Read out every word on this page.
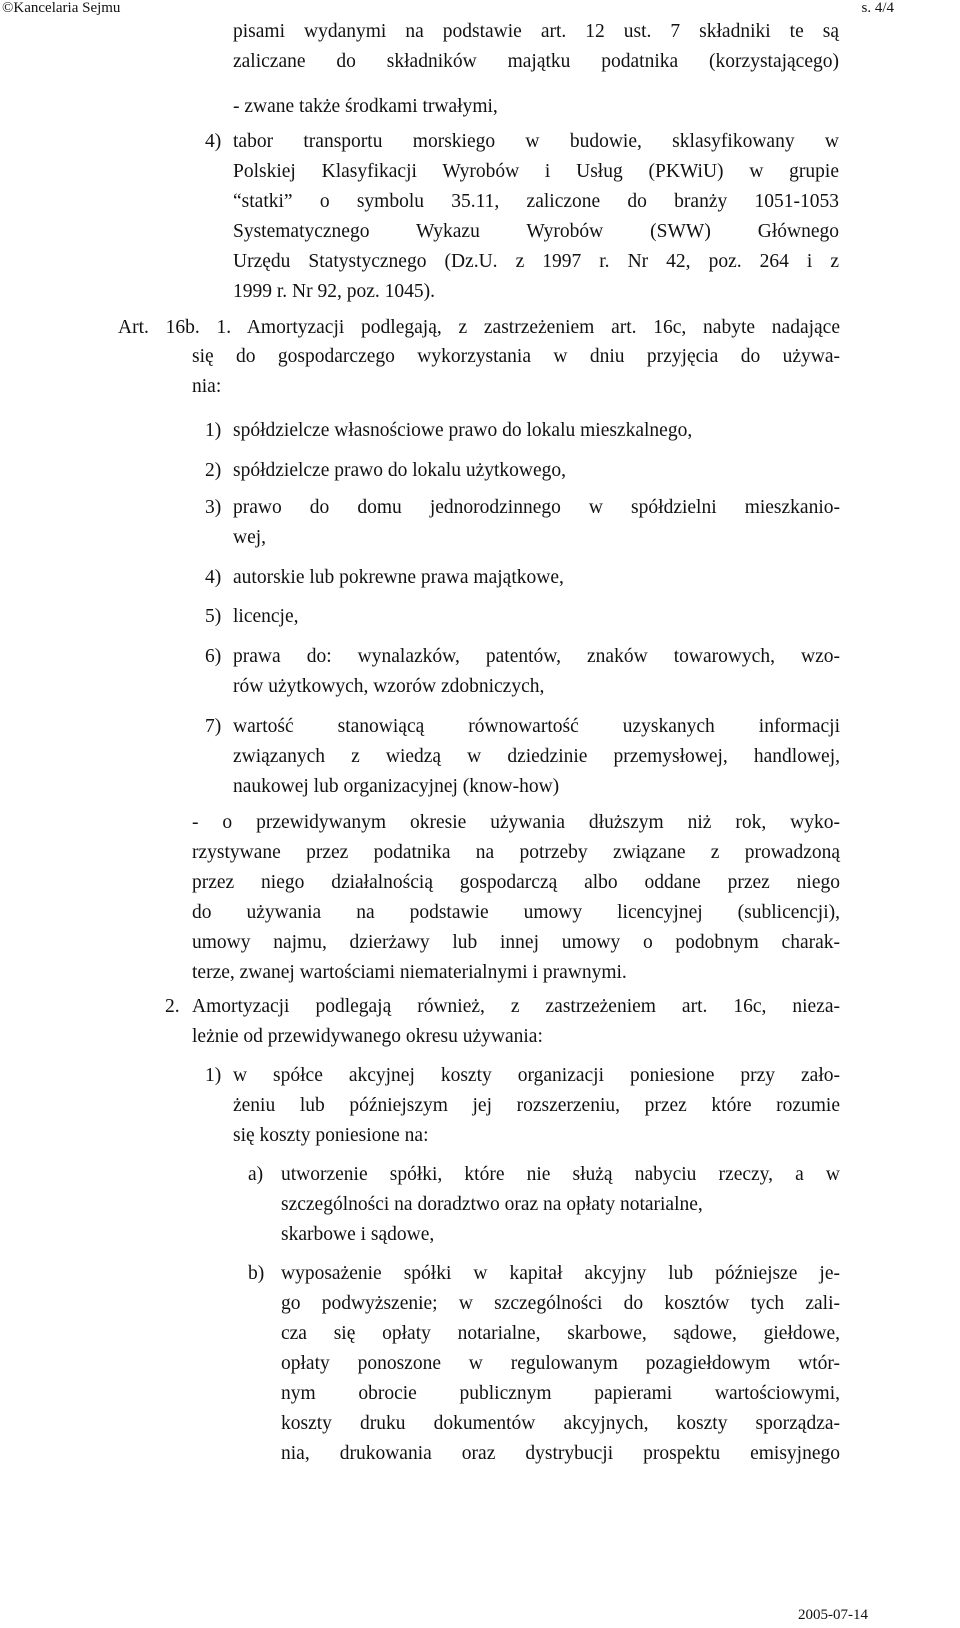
©Kancelaria Sejmu	s. 4/4
pisami wydanymi na podstawie art. 12 ust. 7 składniki te są
zaliczane do składników majątku podatnika (korzystającego)
- zwane także środkami trwałymi,
4) tabor transportu morskiego w budowie, sklasyfikowany w
Polskiej Klasyfikacji Wyrobów i Usług (PKWiU) w grupie
“statki” o symbolu 35.11, zaliczone do branży 1051-1053
Systematycznego Wykazu Wyrobów (SWW) Głównego
Urzędu Statystycznego (Dz.U. z 1997 r. Nr 42, poz. 264 i z
1999 r. Nr 92, poz. 1045).
Art. 16b. 1. Amortyzacji podlegają, z zastrzeżeniem art. 16c, nabyte nadające
się do gospodarczego wykorzystania w dniu przyjęcia do używa-
nia:
1) spółdzielcze własnościowe prawo do lokalu mieszkalnego,
2) spółdzielcze prawo do lokalu użytkowego,
3) prawo do domu jednorodzinnego w spółdzielni mieszkanio-
wej,
4) autorskie lub pokrewne prawa majątkowe,
5) licencje,
6) prawa do: wynalazków, patentów, znaków towarowych, wzo-
rów użytkowych, wzorów zdobniczych,
7) wartość stanowiącą równowartość uzyskanych informacji
związanych z wiedzą w dziedzinie przemysłowej, handlowej,
naukowej lub organizacyjnej (know-how)
- o przewidywanym okresie używania dłuższym niż rok, wyko-
rzystywane przez podatnika na potrzeby związane z prowadzoną
przez niego działalnością gospodarczą albo oddane przez niego
do używania na podstawie umowy licencyjnej (sublicencji),
umowy najmu, dzierżawy lub innej umowy o podobnym charak-
terze, zwanej wartościami niematerialnymi i prawnymi.
2. Amortyzacji podlegają również, z zastrzeżeniem art. 16c, nieza-
leżnie od przewidywanego okresu używania:
1) w spółce akcyjnej koszty organizacji poniesione przy zało-
żeniu lub późniejszym jej rozszerzeniu, przez które rozumie
się koszty poniesione na:
a) utworzenie spółki, które nie służą nabyciu rzeczy, a w
szczególności na doradztwo oraz na opłaty notarialne,
skarbowe i sądowe,
b) wyposażenie spółki w kapitał akcyjny lub późniejsze je-
go podwyższenie; w szczególności do kosztów tych zali-
cza się opłaty notarialne, skarbowe, sądowe, giełdowe,
opłaty ponoszone w regulowanym pozagiełdowym wtór-
nym obrocie publicznym papierami wartościowymi,
koszty druku dokumentów akcyjnych, koszty sporządza-
nia, drukowania oraz dystrybucji prospektu emisyjnego
2005-07-14
